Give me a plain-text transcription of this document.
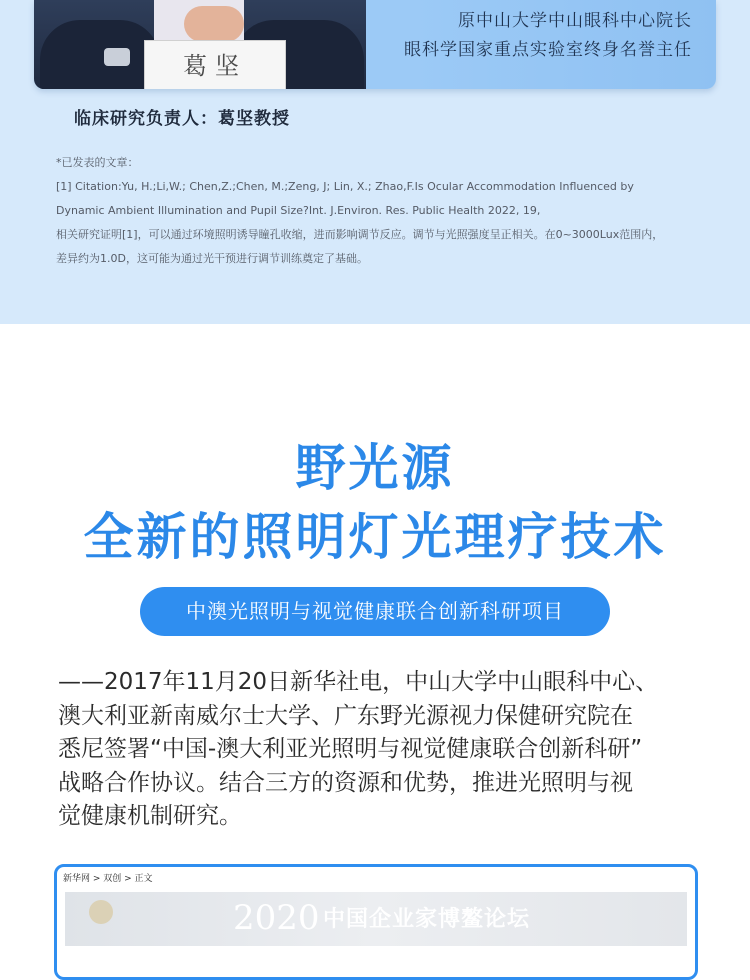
葛坚
原中山大学中山眼科中心院长
眼科学国家重点实验室终身名誉主任
临床研究负责人：葛坚教授
*已发表的文章：
[1] Citation:Yu, H.;Li,W.; Chen,Z.;Chen, M.;Zeng, J; Lin, X.; Zhao,F.Is Ocular Accommodation Influenced by
Dynamic Ambient Illumination and Pupil Size?Int. J.Environ. Res. Public Health 2022, 19,
相关研究证明[1]，可以通过环境照明诱导瞳孔收缩，进而影响调节反应。调节与光照强度呈正相关。在0~3000Lux范围内，
差异约为1.0D，这可能为通过光干预进行调节训练奠定了基础。
野光源
全新的照明灯光理疗技术
中澳光照明与视觉健康联合创新科研项目
——2017年11月20日新华社电，中山大学中山眼科中心、
澳大利亚新南威尔士大学、广东野光源视力保健研究院在
悉尼签署“中国-澳大利亚光照明与视觉健康联合创新科研”
战略合作协议。结合三方的资源和优势，推进光照明与视
觉健康机制研究。
新华网 > 双创 > 正文
2020 中国企业家博鳌论坛
